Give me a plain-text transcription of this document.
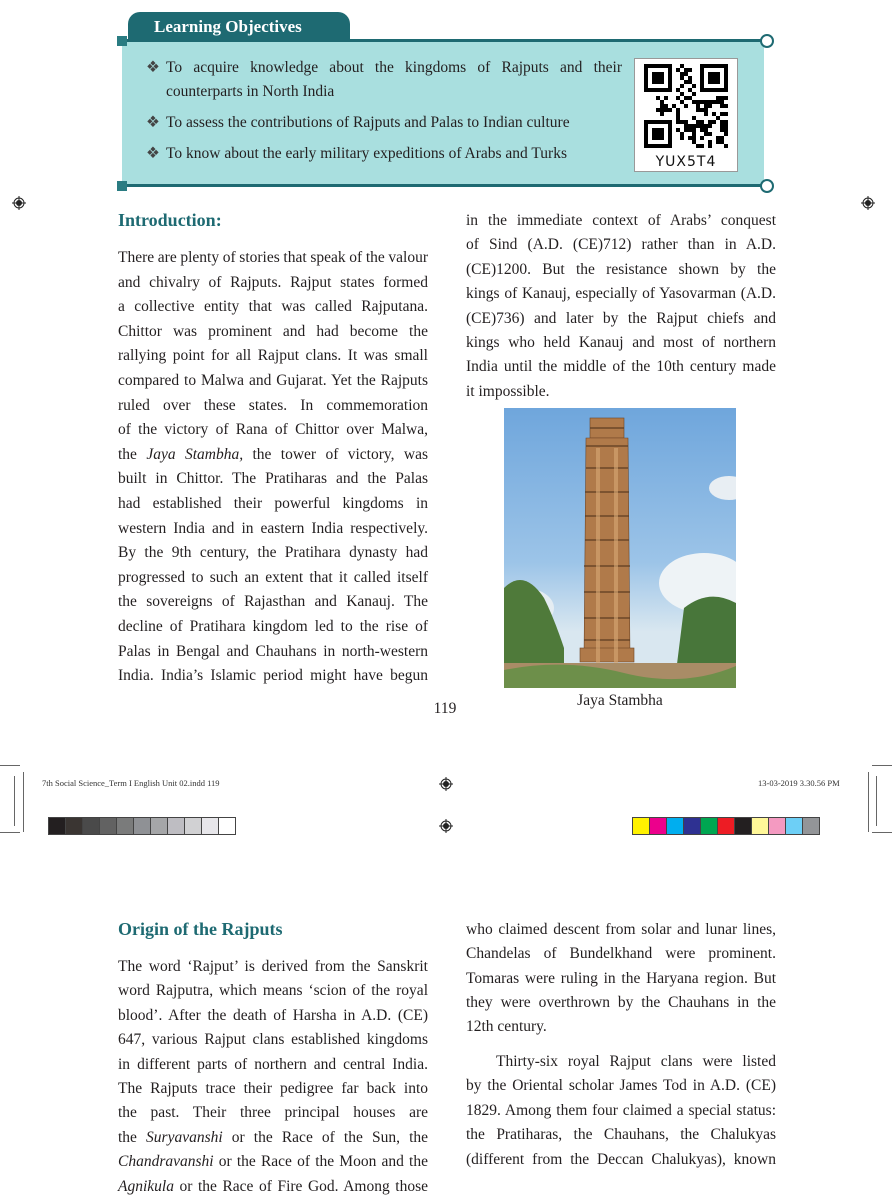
Learning Objectives
❖ To acquire knowledge about the kingdoms of Rajputs and their counterparts in North India
❖ To assess the contributions of Rajputs and Palas to Indian culture
❖ To know about the early military expeditions of Arabs and Turks	YUX5T4
Introduction:
There are plenty of stories that speak of the valour
and chivalry of Rajputs. Rajput states formed
a collective entity that was called Rajputana.
Chittor was prominent and had become the
rallying point for all Rajput clans. It was small
compared to Malwa and Gujarat. Yet the Rajputs
ruled over these states. In commemoration
of the victory of Rana of Chittor over Malwa,
the Jaya Stambha, the tower of victory, was
built in Chittor. The Pratiharas and the Palas
had established their powerful kingdoms in
western India and in eastern India respectively.
By the 9th century, the Pratihara dynasty had
progressed to such an extent that it called itself
the sovereigns of Rajasthan and Kanauj. The
decline of Pratihara kingdom led to the rise of
Palas in Bengal and Chauhans in north-western
India. India’s Islamic period might have begun
in the immediate context of Arabs’ conquest
of Sind (A.D. (CE)712) rather than in A.D.
(CE)1200. But the resistance shown by the
kings of Kanauj, especially of Yasovarman (A.D.
(CE)736) and later by the Rajput chiefs and
kings who held Kanauj and most of northern
India until the middle of the 10th century made
it impossible.
Jaya Stambha
119
7th Social Science_Term I English Unit 02.indd 119	13-03-2019 3.30.56 PM
Origin of the Rajputs
The word ‘Rajput’ is derived from the Sanskrit
word Rajputra, which means ‘scion of the royal
blood’. After the death of Harsha in A.D. (CE)
647, various Rajput clans established kingdoms
in different parts of northern and central India.
The Rajputs trace their pedigree far back into
the past. Their three principal houses are
the Suryavanshi or the Race of the Sun, the
Chandravanshi or the Race of the Moon and the
Agnikula or the Race of Fire God. Among those
who claimed descent from solar and lunar lines,
Chandelas of Bundelkhand were prominent.
Tomaras were ruling in the Haryana region. But
they were overthrown by the Chauhans in the
12th century.
Thirty-six royal Rajput clans were listed
by the Oriental scholar James Tod in A.D. (CE)
1829. Among them four claimed a special status:
the Pratiharas, the Chauhans, the Chalukyas
(different from the Deccan Chalukyas), known
